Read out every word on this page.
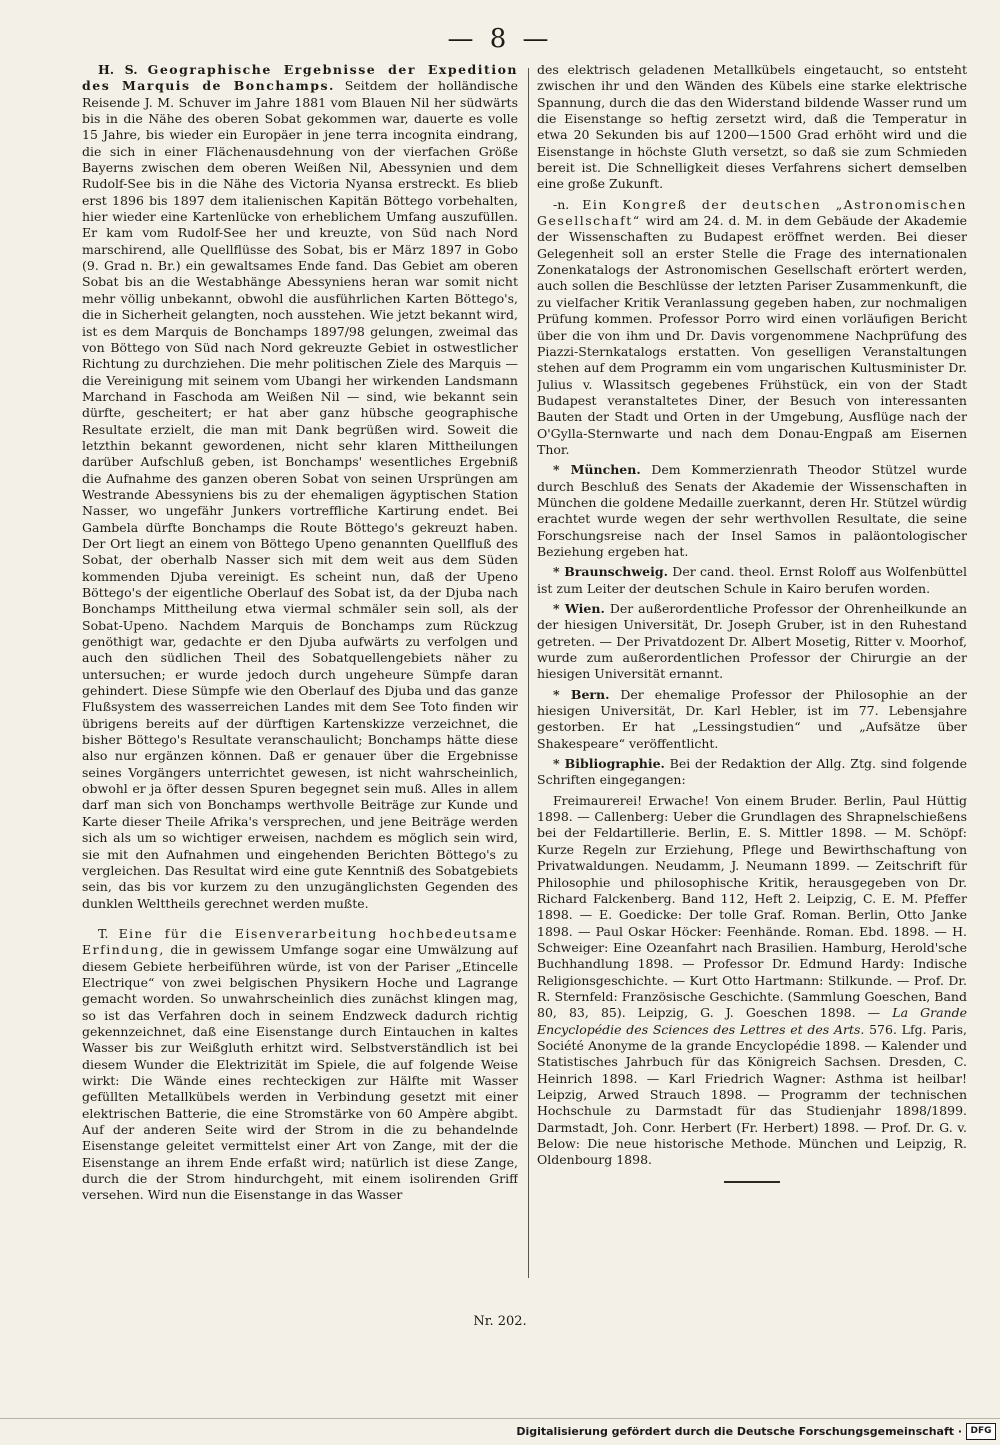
— 8 —

H. S. Geographische Ergebnisse der Expedition des Marquis de Bonchamps. Seitdem der holländische Reisende J. M. Schuver im Jahre 1881 vom Blauen Nil her südwärts bis in die Nähe des oberen Sobat gekommen war, dauerte es volle 15 Jahre, bis wieder ein Europäer in jene terra incognita eindrang, die sich in einer Flächenausdehnung von der vierfachen Größe Bayerns zwischen dem oberen Weißen Nil, Abessynien und dem Rudolf-See bis in die Nähe des Victoria Nyansa erstreckt. Es blieb erst 1896 bis 1897 dem italienischen Kapitän Böttego vorbehalten, hier wieder eine Kartenlücke von erheblichem Umfang auszufüllen. Er kam vom Rudolf-See her und kreuzte, von Süd nach Nord marschirend, alle Quellflüsse des Sobat, bis er März 1897 in Gobo (9. Grad n. Br.) ein gewaltsames Ende fand. Das Gebiet am oberen Sobat bis an die Westabhänge Abessyniens heran war somit nicht mehr völlig unbekannt, obwohl die ausführlichen Karten Böttego's, die in Sicherheit gelangten, noch ausstehen. Wie jetzt bekannt wird, ist es dem Marquis de Bonchamps 1897/98 gelungen, zweimal das von Böttego von Süd nach Nord gekreuzte Gebiet in ostwestlicher Richtung zu durchziehen. Die mehr politischen Ziele des Marquis — die Vereinigung mit seinem vom Ubangi her wirkenden Landsmann Marchand in Faschoda am Weißen Nil — sind, wie bekannt sein dürfte, gescheitert; er hat aber ganz hübsche geographische Resultate erzielt, die man mit Dank begrüßen wird. Soweit die letzthin bekannt gewordenen, nicht sehr klaren Mittheilungen darüber Aufschluß geben, ist Bonchamps' wesentliches Ergebniß die Aufnahme des ganzen oberen Sobat von seinen Ursprüngen am Westrande Abessyniens bis zu der ehemaligen ägyptischen Station Nasser, wo ungefähr Junkers vortreffliche Kartirung endet. Bei Gambela dürfte Bonchamps die Route Böttego's gekreuzt haben. Der Ort liegt an einem von Böttego Upeno genannten Quellfluß des Sobat, der oberhalb Nasser sich mit dem weit aus dem Süden kommenden Djuba vereinigt. Es scheint nun, daß der Upeno Böttego's der eigentliche Oberlauf des Sobat ist, da der Djuba nach Bonchamps Mittheilung etwa viermal schmäler sein soll, als der Sobat-Upeno. Nachdem Marquis de Bonchamps zum Rückzug genöthigt war, gedachte er den Djuba aufwärts zu verfolgen und auch den südlichen Theil des Sobatquellengebiets näher zu untersuchen; er wurde jedoch durch ungeheure Sümpfe daran gehindert. Diese Sümpfe wie den Oberlauf des Djuba und das ganze Flußsystem des wasserreichen Landes mit dem See Toto finden wir übrigens bereits auf der dürftigen Kartenskizze verzeichnet, die bisher Böttego's Resultate veranschaulicht; Bonchamps hätte diese also nur ergänzen können. Daß er genauer über die Ergebnisse seines Vorgängers unterrichtet gewesen, ist nicht wahrscheinlich, obwohl er ja öfter dessen Spuren begegnet sein muß. Alles in allem darf man sich von Bonchamps werthvolle Beiträge zur Kunde und Karte dieser Theile Afrika's versprechen, und jene Beiträge werden sich als um so wichtiger erweisen, nachdem es möglich sein wird, sie mit den Aufnahmen und eingehenden Berichten Böttego's zu vergleichen. Das Resultat wird eine gute Kenntniß des Sobatgebiets sein, das bis vor kurzem zu den unzugänglichsten Gegenden des dunklen Welttheils gerechnet werden mußte.

T. Eine für die Eisenverarbeitung hochbedeutsame Erfindung, die in gewissem Umfange sogar eine Umwälzung auf diesem Gebiete herbeiführen würde, ist von der Pariser „Etincelle Electrique“ von zwei belgischen Physikern Hoche und Lagrange gemacht worden. So unwahrscheinlich dies zunächst klingen mag, so ist das Verfahren doch in seinem Endzweck dadurch richtig gekennzeichnet, daß eine Eisenstange durch Eintauchen in kaltes Wasser bis zur Weißgluth erhitzt wird. Selbstverständlich ist bei diesem Wunder die Elektrizität im Spiele, die auf folgende Weise wirkt: Die Wände eines rechteckigen zur Hälfte mit Wasser gefüllten Metallkübels werden in Verbindung gesetzt mit einer elektrischen Batterie, die eine Stromstärke von 60 Ampère abgibt. Auf der anderen Seite wird der Strom in die zu behandelnde Eisenstange geleitet vermittelst einer Art von Zange, mit der die Eisenstange an ihrem Ende erfaßt wird; natürlich ist diese Zange, durch die der Strom hindurchgeht, mit einem isolirenden Griff versehen. Wird nun die Eisenstange in das Wasser

des elektrisch geladenen Metallkübels eingetaucht, so entsteht zwischen ihr und den Wänden des Kübels eine starke elektrische Spannung, durch die das den Widerstand bildende Wasser rund um die Eisenstange so heftig zersetzt wird, daß die Temperatur in etwa 20 Sekunden bis auf 1200—1500 Grad erhöht wird und die Eisenstange in höchste Gluth versetzt, so daß sie zum Schmieden bereit ist. Die Schnelligkeit dieses Verfahrens sichert demselben eine große Zukunft.

-n. Ein Kongreß der deutschen „Astronomischen Gesellschaft“ wird am 24. d. M. in dem Gebäude der Akademie der Wissenschaften zu Budapest eröffnet werden. Bei dieser Gelegenheit soll an erster Stelle die Frage des internationalen Zonenkatalogs der Astronomischen Gesellschaft erörtert werden, auch sollen die Beschlüsse der letzten Pariser Zusammenkunft, die zu vielfacher Kritik Veranlassung gegeben haben, zur nochmaligen Prüfung kommen. Professor Porro wird einen vorläufigen Bericht über die von ihm und Dr. Davis vorgenommene Nachprüfung des Piazzi-Sternkatalogs erstatten. Von geselligen Veranstaltungen stehen auf dem Programm ein vom ungarischen Kultusminister Dr. Julius v. Wlassitsch gegebenes Frühstück, ein von der Stadt Budapest veranstaltetes Diner, der Besuch von interessanten Bauten der Stadt und Orten in der Umgebung, Ausflüge nach der O'Gylla-Sternwarte und nach dem Donau-Engpaß am Eisernen Thor.

* München. Dem Kommerzienrath Theodor Stützel wurde durch Beschluß des Senats der Akademie der Wissenschaften in München die goldene Medaille zuerkannt, deren Hr. Stützel würdig erachtet wurde wegen der sehr werthvollen Resultate, die seine Forschungsreise nach der Insel Samos in paläontologischer Beziehung ergeben hat.

* Braunschweig. Der cand. theol. Ernst Roloff aus Wolfenbüttel ist zum Leiter der deutschen Schule in Kairo berufen worden.

* Wien. Der außerordentliche Professor der Ohrenheilkunde an der hiesigen Universität, Dr. Joseph Gruber, ist in den Ruhestand getreten. — Der Privatdozent Dr. Albert Mosetig, Ritter v. Moorhof, wurde zum außerordentlichen Professor der Chirurgie an der hiesigen Universität ernannt.

* Bern. Der ehemalige Professor der Philosophie an der hiesigen Universität, Dr. Karl Hebler, ist im 77. Lebensjahre gestorben. Er hat „Lessingstudien“ und „Aufsätze über Shakespeare“ veröffentlicht.

* Bibliographie. Bei der Redaktion der Allg. Ztg. sind folgende Schriften eingegangen:

Freimaurerei! Erwache! Von einem Bruder. Berlin, Paul Hüttig 1898. — Callenberg: Ueber die Grundlagen des Shrapnelschießens bei der Feldartillerie. Berlin, E. S. Mittler 1898. — M. Schöpf: Kurze Regeln zur Erziehung, Pflege und Bewirthschaftung von Privatwaldungen. Neudamm, J. Neumann 1899. — Zeitschrift für Philosophie und philosophische Kritik, herausgegeben von Dr. Richard Falckenberg. Band 112, Heft 2. Leipzig, C. E. M. Pfeffer 1898. — E. Goedicke: Der tolle Graf. Roman. Berlin, Otto Janke 1898. — Paul Oskar Höcker: Feenhände. Roman. Ebd. 1898. — H. Schweiger: Eine Ozeanfahrt nach Brasilien. Hamburg, Herold'sche Buchhandlung 1898. — Professor Dr. Edmund Hardy: Indische Religionsgeschichte. — Kurt Otto Hartmann: Stilkunde. — Prof. Dr. R. Sternfeld: Französische Geschichte. (Sammlung Goeschen, Band 80, 83, 85). Leipzig, G. J. Goeschen 1898. — La Grande Encyclopédie des Sciences des Lettres et des Arts. 576. Lfg. Paris, Société Anonyme de la grande Encyclopédie 1898. — Kalender und Statistisches Jahrbuch für das Königreich Sachsen. Dresden, C. Heinrich 1898. — Karl Friedrich Wagner: Asthma ist heilbar! Leipzig, Arwed Strauch 1898. — Programm der technischen Hochschule zu Darmstadt für das Studienjahr 1898/1899. Darmstadt, Joh. Conr. Herbert (Fr. Herbert) 1898. — Prof. Dr. G. v. Below: Die neue historische Methode. München und Leipzig, R. Oldenbourg 1898.

Nr. 202.
Digitalisierung gefördert durch die Deutsche Forschungsgemeinschaft · DFG
